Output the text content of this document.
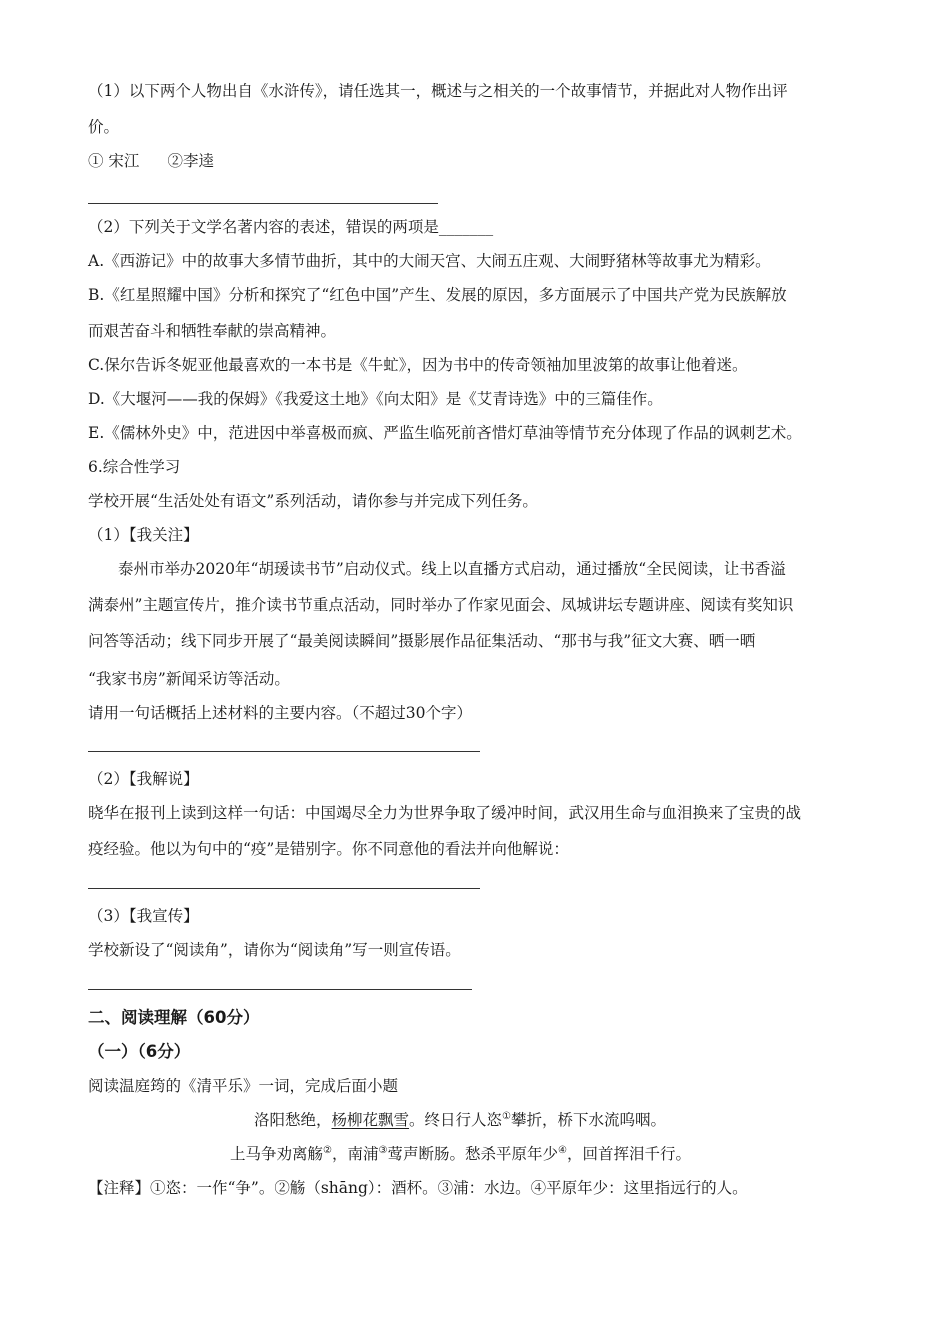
（1）以下两个人物出自《水浒传》，请任选其一，概述与之相关的一个故事情节，并据此对人物作出评
价。
① 宋江 ②李逵
（2）下列关于文学名著内容的表述，错误的两项是_______
A.《西游记》中的故事大多情节曲折，其中的大闹天宫、大闹五庄观、大闹野猪林等故事尤为精彩。
B.《红星照耀中国》分析和探究了“红色中国”产生、发展的原因，多方面展示了中国共产党为民族解放
而艰苦奋斗和牺牲奉献的崇高精神。
C.保尔告诉冬妮亚他最喜欢的一本书是《牛虻》，因为书中的传奇领袖加里波第的故事让他着迷。
D.《大堰河——我的保姆》《我爱这土地》《向太阳》是《艾青诗选》中的三篇佳作。
E.《儒林外史》中，范进因中举喜极而疯、严监生临死前吝惜灯草油等情节充分体现了作品的讽刺艺术。
6.综合性学习
学校开展“生活处处有语文”系列活动，请你参与并完成下列任务。
（1）【我关注】
泰州市举办2020年“胡瑗读书节”启动仪式。线上以直播方式启动，通过播放“全民阅读，让书香溢
满泰州”主题宣传片，推介读书节重点活动，同时举办了作家见面会、凤城讲坛专题讲座、阅读有奖知识
问答等活动；线下同步开展了“最美阅读瞬间”摄影展作品征集活动、“那书与我”征文大赛、晒一晒
“我家书房”新闻采访等活动。
请用一句话概括上述材料的主要内容。（不超过30个字）
（2）【我解说】
晓华在报刊上读到这样一句话：中国竭尽全力为世界争取了缓冲时间，武汉用生命与血泪换来了宝贵的战
疫经验。他以为句中的“疫”是错别字。你不同意他的看法并向他解说：
（3）【我宣传】
学校新设了“阅读角”，请你为“阅读角”写一则宣传语。
二、阅读理解（60分）
（一）（6分）
阅读温庭筠的《清平乐》一词，完成后面小题
洛阳愁绝，杨柳花飘雪。终日行人恣①攀折，桥下水流呜咽。
上马争劝离觞②，南浦③莺声断肠。愁杀平原年少④，回首挥泪千行。
【注释】①恣：一作“争”。②觞（shāng）：酒杯。③浦：水边。④平原年少：这里指远行的人。
